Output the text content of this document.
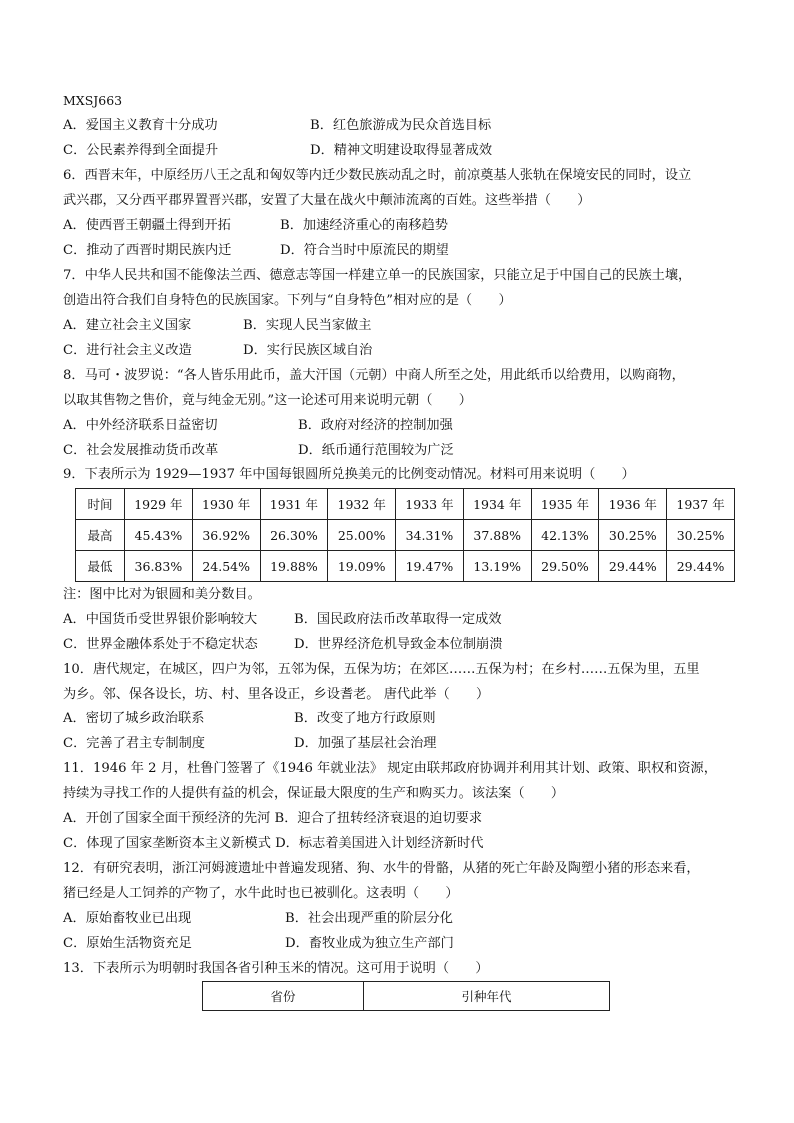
MXSJ663
A．爱国主义教育十分成功	B．红色旅游成为民众首选目标
C．公民素养得到全面提升	D．精神文明建设取得显著成效
6．西晋末年，中原经历八王之乱和匈奴等内迁少数民族动乱之时，前凉奠基人张轨在保境安民的同时，设立
武兴郡，又分西平郡界置晋兴郡，安置了大量在战火中颠沛流离的百姓。这些举措（　　）
A．使西晋王朝疆土得到开拓	B．加速经济重心的南移趋势
C．推动了西晋时期民族内迁	D．符合当时中原流民的期望
7．中华人民共和国不能像法兰西、德意志等国一样建立单一的民族国家，只能立足于中国自己的民族土壤，
创造出符合我们自身特色的民族国家。下列与“自身特色”相对应的是（　　）
A．建立社会主义国家	B．实现人民当家做主
C．进行社会主义改造	D．实行民族区域自治
8．马可・波罗说：“各人皆乐用此币，盖大汗国（元朝）中商人所至之处，用此纸币以给费用，以购商物，
以取其售物之售价，竟与纯金无别。”这一论述可用来说明元朝（　　）
A．中外经济联系日益密切	B．政府对经济的控制加强
C．社会发展推动货币改革	D．纸币通行范围较为广泛
9．下表所示为 1929—1937 年中国每银圆所兑换美元的比例变动情况。材料可用来说明（　　）
时间	1929 年	1930 年	1931 年	1932 年	1933 年	1934 年	1935 年	1936 年	1937 年
最高	45.43%	36.92%	26.30%	25.00%	34.31%	37.88%	42.13%	30.25%	30.25%
最低	36.83%	24.54%	19.88%	19.09%	19.47%	13.19%	29.50%	29.44%	29.44%
注：图中比对为银圆和美分数目。
A．中国货币受世界银价影响较大	B．国民政府法币改革取得一定成效
C．世界金融体系处于不稳定状态	D．世界经济危机导致金本位制崩溃
10．唐代规定，在城区，四户为邻，五邻为保，五保为坊；在郊区……五保为村；在乡村……五保为里，五里
为乡。邻、保各设长，坊、村、里各设正，乡设耆老。 唐代此举（　　）
A．密切了城乡政治联系	B．改变了地方行政原则
C．完善了君主专制制度	D．加强了基层社会治理
11．1946 年 2 月，杜鲁门签署了《1946 年就业法》 规定由联邦政府协调并利用其计划、政策、职权和资源，
持续为寻找工作的人提供有益的机会，保证最大限度的生产和购买力。该法案（　　）
A．开创了国家全面干预经济的先河 B．迎合了扭转经济衰退的迫切要求
C．体现了国家垄断资本主义新模式 D．标志着美国进入计划经济新时代
12．有研究表明，浙江河姆渡遗址中普遍发现猪、狗、水牛的骨骼，从猪的死亡年龄及陶塑小猪的形态来看，
猪已经是人工饲养的产物了，水牛此时也已被驯化。这表明（　　）
A．原始畜牧业已出现	B．社会出现严重的阶层分化
C．原始生活物资充足	D．畜牧业成为独立生产部门
13．下表所示为明朝时我国各省引种玉米的情况。这可用于说明（　　）
省份	引种年代
